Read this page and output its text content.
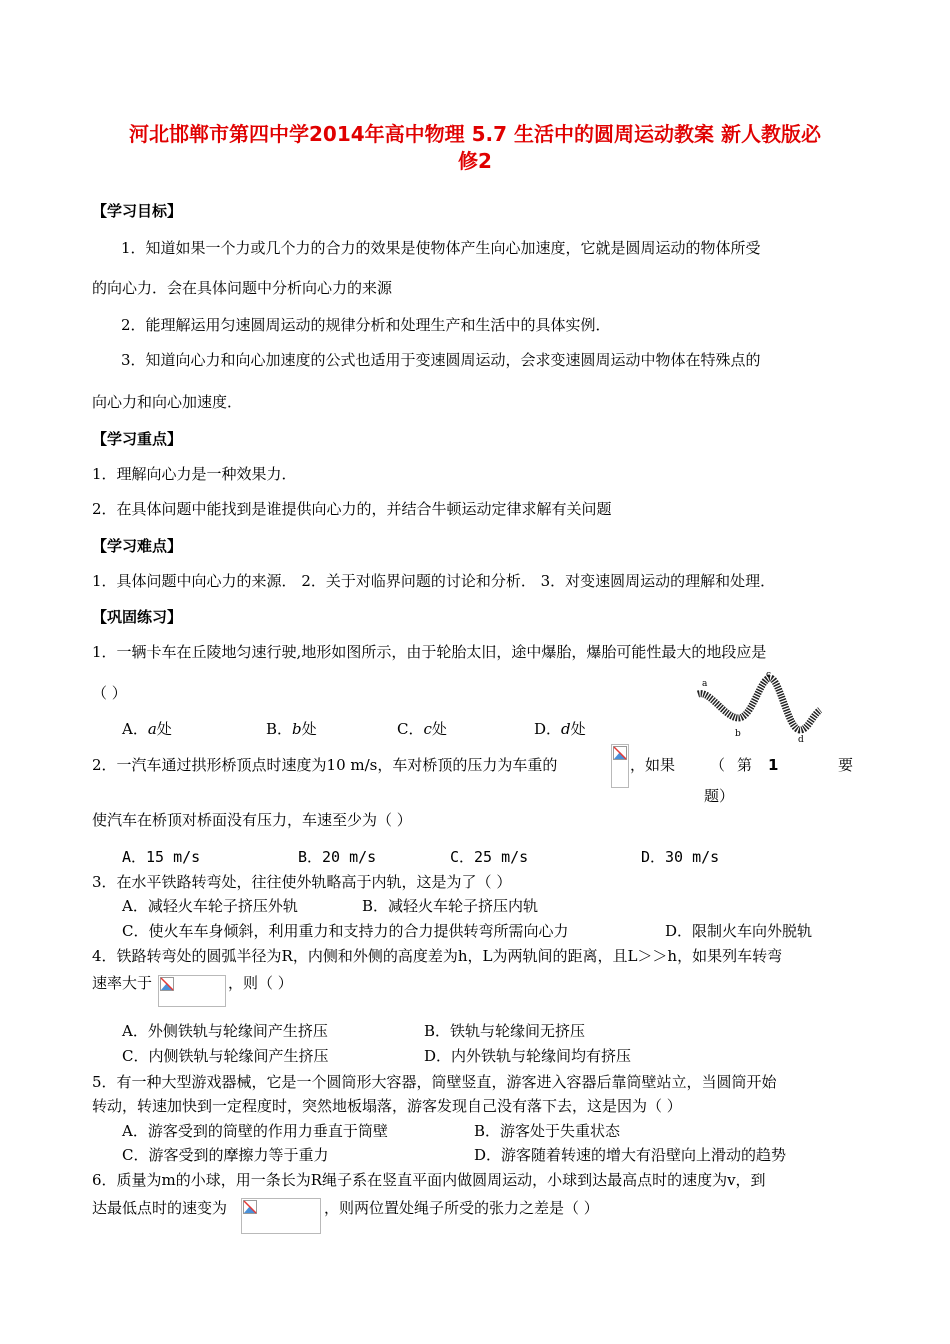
河北邯郸市第四中学2014年高中物理 5.7 生活中的圆周运动教案 新人教版必
修2
【学习目标】
1．知道如果一个力或几个力的合力的效果是使物体产生向心加速度，它就是圆周运动的物体所受
的向心力．会在具体问题中分析向心力的来源
2．能理解运用匀速圆周运动的规律分析和处理生产和生活中的具体实例．
3．知道向心力和向心加速度的公式也适用于变速圆周运动，会求变速圆周运动中物体在特殊点的
向心力和向心加速度．
【学习重点】
1．理解向心力是一种效果力．
2．在具体问题中能找到是谁提供向心力的，并结合牛顿运动定律求解有关问题
【学习难点】
1．具体问题中向心力的来源． 2．关于对临界问题的讨论和分析． 3．对变速圆周运动的理解和处理．
【巩固练习】
1．一辆卡车在丘陵地匀速行驶,地形如图所示，由于轮胎太旧，途中爆胎，爆胎可能性最大的地段应是
（ ）
A．a处	B．b处	C．c处	D．d处
a
b
c
d
2．一汽车通过拱形桥顶点时速度为10 m/s，车对桥顶的压力为车重的	，如果 （ 第 1	要
题）
使汽车在桥顶对桥面没有压力，车速至少为（ ）
A．15 m/s	B．20 m/s	C．25 m/s	D．30 m/s
3．在水平铁路转弯处，往往使外轨略高于内轨，这是为了（ ）
A．减轻火车轮子挤压外轨	B．减轻火车轮子挤压内轨
C．使火车车身倾斜，利用重力和支持力的合力提供转弯所需向心力	D．限制火车向外脱轨
4．铁路转弯处的圆弧半径为R，内侧和外侧的高度差为h，L为两轨间的距离，且L＞＞h，如果列车转弯
速率大于	，则（ ）
A．外侧铁轨与轮缘间产生挤压	B．铁轨与轮缘间无挤压
C．内侧铁轨与轮缘间产生挤压	D．内外铁轨与轮缘间均有挤压
5．有一种大型游戏器械，它是一个圆筒形大容器，筒壁竖直，游客进入容器后靠筒壁站立，当圆筒开始
转动，转速加快到一定程度时，突然地板塌落，游客发现自己没有落下去，这是因为（ ）
A．游客受到的筒壁的作用力垂直于筒壁	B．游客处于失重状态
C．游客受到的摩擦力等于重力	D．游客随着转速的增大有沿壁向上滑动的趋势
6．质量为m的小球，用一条长为R绳子系在竖直平面内做圆周运动，小球到达最高点时的速度为v，到
达最低点时的速变为	，则两位置处绳子所受的张力之差是（ ）
